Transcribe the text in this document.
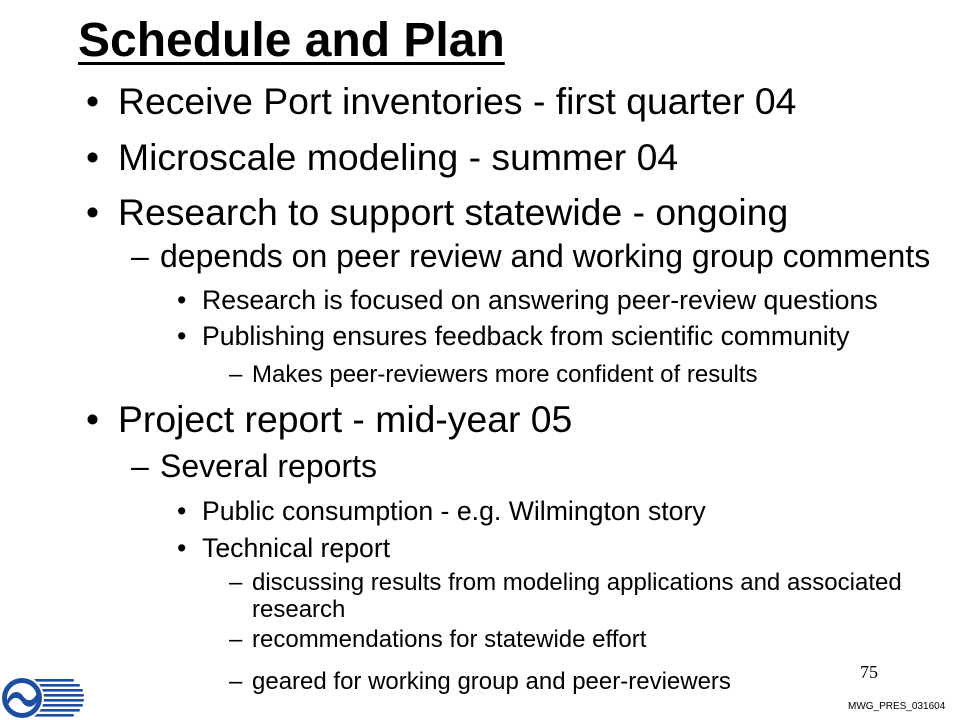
Schedule and Plan
• Receive Port inventories - first quarter 04
• Microscale modeling - summer 04
• Research to support statewide - ongoing
– depends on peer review and working group comments
• Research is focused on answering peer-review questions
• Publishing ensures feedback from scientific community
– Makes peer-reviewers more confident of results
• Project report - mid-year 05
– Several reports
• Public consumption - e.g. Wilmington story
• Technical report
– discussing results from modeling applications and associated research
– recommendations for statewide effort
– geared for working group and peer-reviewers	75
MWG_PRES_031604
